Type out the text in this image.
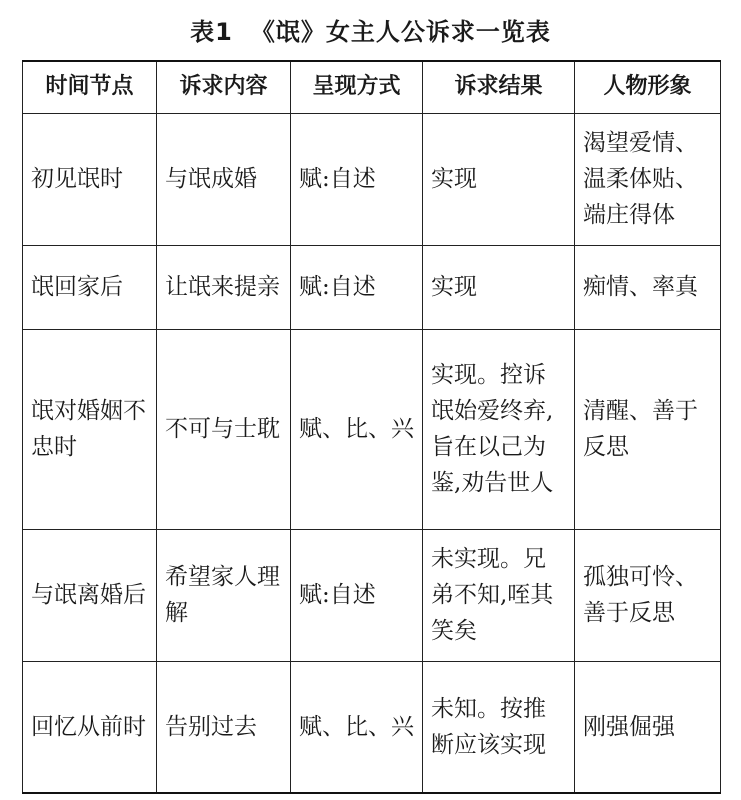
表1 《氓》女主人公诉求一览表
时间节点	诉求内容	呈现方式	诉求结果	人物形象
初见氓时	与氓成婚	赋:自述	实现	渴望爱情、温柔体贴、端庄得体
氓回家后	让氓来提亲	赋:自述	实现	痴情、率真
氓对婚姻不忠时	不可与士耽	赋、比、兴	实现。控诉氓始爱终弃,旨在以己为鉴,劝告世人	清醒、善于反思
与氓离婚后	希望家人理解	赋:自述	未实现。兄弟不知,咥其笑矣	孤独可怜、善于反思
回忆从前时	告别过去	赋、比、兴	未知。按推断应该实现	刚强倔强
